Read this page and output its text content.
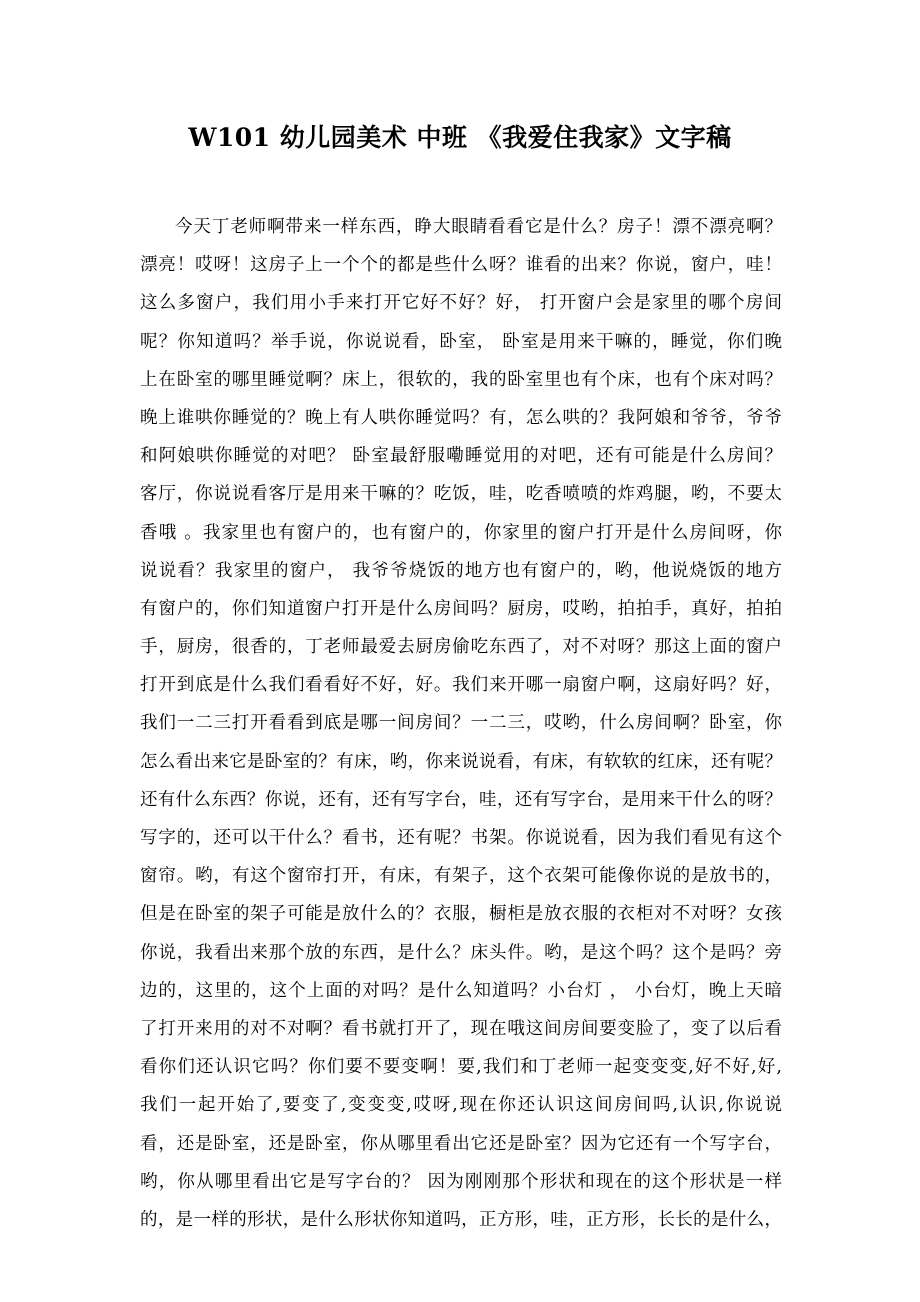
W101 幼儿园美术 中班 《我爱住我家》文字稿
今天丁老师啊带来一样东西，睁大眼睛看看它是什么？房子！漂不漂亮啊？
漂亮！哎呀！这房子上一个个的都是些什么呀？谁看的出来？你说，窗户，哇！
这么多窗户，我们用小手来打开它好不好？好， 打开窗户会是家里的哪个房间
呢？你知道吗？举手说，你说说看，卧室， 卧室是用来干嘛的，睡觉，你们晚
上在卧室的哪里睡觉啊？床上，很软的，我的卧室里也有个床，也有个床对吗？
晚上谁哄你睡觉的？晚上有人哄你睡觉吗？有，怎么哄的？我阿娘和爷爷，爷爷
和阿娘哄你睡觉的对吧？ 卧室最舒服嘞睡觉用的对吧，还有可能是什么房间？
客厅，你说说看客厅是用来干嘛的？吃饭，哇，吃香喷喷的炸鸡腿，哟，不要太
香哦 。我家里也有窗户的，也有窗户的，你家里的窗户打开是什么房间呀，你
说说看？我家里的窗户， 我爷爷烧饭的地方也有窗户的，哟，他说烧饭的地方
有窗户的，你们知道窗户打开是什么房间吗？厨房，哎哟，拍拍手，真好，拍拍
手，厨房，很香的，丁老师最爱去厨房偷吃东西了，对不对呀？那这上面的窗户
打开到底是什么我们看看好不好，好。我们来开哪一扇窗户啊，这扇好吗？好，
我们一二三打开看看到底是哪一间房间？一二三，哎哟，什么房间啊？卧室，你
怎么看出来它是卧室的？有床，哟，你来说说看，有床，有软软的红床，还有呢？
还有什么东西？你说，还有，还有写字台，哇，还有写字台，是用来干什么的呀？
写字的，还可以干什么？看书，还有呢？书架。你说说看，因为我们看见有这个
窗帘。哟，有这个窗帘打开，有床，有架子，这个衣架可能像你说的是放书的，
但是在卧室的架子可能是放什么的？衣服，橱柜是放衣服的衣柜对不对呀？女孩
你说，我看出来那个放的东西，是什么？床头件。哟，是这个吗？这个是吗？旁
边的，这里的，这个上面的对吗？是什么知道吗？小台灯 ， 小台灯，晚上天暗
了打开来用的对不对啊？看书就打开了，现在哦这间房间要变脸了，变了以后看
看你们还认识它吗？你们要不要变啊！要,我们和丁老师一起变变变,好不好,好,
我们一起开始了,要变了,变变变,哎呀,现在你还认识这间房间吗,认识,你说说
看，还是卧室，还是卧室，你从哪里看出它还是卧室？因为它还有一个写字台，
哟，你从哪里看出它是写字台的？ 因为刚刚那个形状和现在的这个形状是一样
的，是一样的形状，是什么形状你知道吗，正方形，哇，正方形，长长的是什么，
